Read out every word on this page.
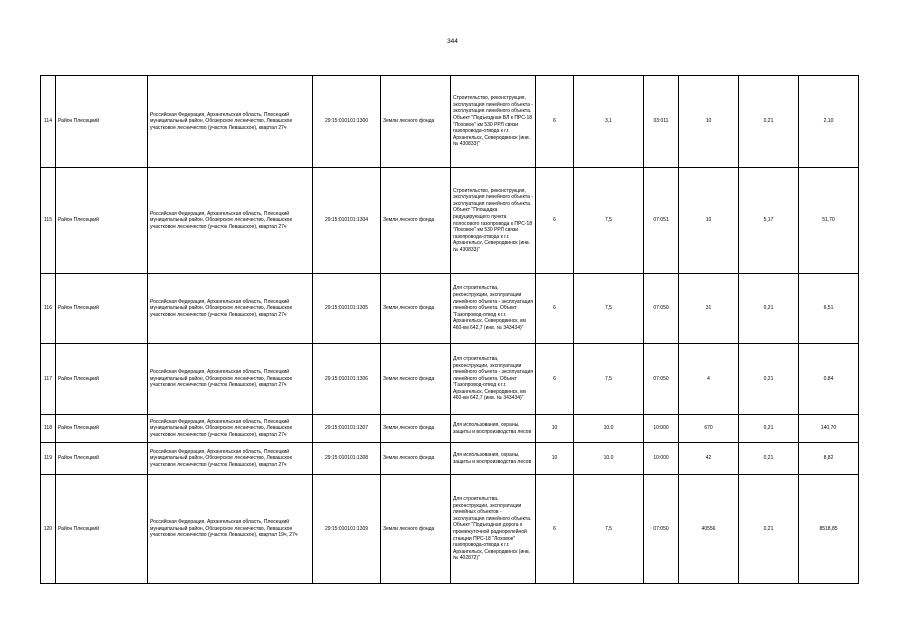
344
114	Район Плесецкий	Российская Федерация, Архангельская область, Плесецкий муниципальный район, Обозерское лесничество, Левашское участковое лесничество (участок Левашское), квартал 27ч	29:15:010101:1300	Земли лесного фонда	Строительство, реконструкция, эксплуатация линейного объекта - эксплуатация линейного объекта. Объект "Подъездная ВЛ к ПРС-18 "Лоховое" км 530 РРЛ связи газопровода-отвода к г.г. Архангельск, Северодвинск (инв. № 430833)"	6	3,1	03:011	10	0,21	2,10
115	Район Плесецкий	Российская Федерация, Архангельская область, Плесецкий муниципальный район, Обозерское лесничество, Левашское участковое лесничество (участок Левашское), квартал 27ч	29:15:010101:1304	Земли лесного фонда	Строительство, реконструкция, эксплуатация линейного объекта - эксплуатация линейного объекта. Объект "Площадка редуцирующего пункта полосового газопровода к ПРС-18 "Лоховое" км 530 РРЛ связи газопровода-отвода к г.г. Архангельск, Северодвинск (инв. № 430833)"	6	7,5	07:051	10	5,17	51,70
116	Район Плесецкий	Российская Федерация, Архангельская область, Плесецкий муниципальный район, Обозерское лесничество, Левашское участковое лесничество (участок Левашское), квартал 27ч	29:15:010101:1305	Земли лесного фонда	Для строительства, реконструкции, эксплуатации линейного объекта - эксплуатация линейного объекта. Объект "Газопровод-отвод к г.г. Архангельск, Северодвинск, км 460-км 642,7 (инв. № 343434)"	6	7,5	07:050	31	0,21	6,51
117	Район Плесецкий	Российская Федерация, Архангельская область, Плесецкий муниципальный район, Обозерское лесничество, Левашское участковое лесничество (участок Левашское), квартал 27ч	29:15:010101:1306	Земли лесного фонда	Для строительства, реконструкции, эксплуатации линейного объекта - эксплуатация линейного объекта. Объект "Газопровод-отвод к г.г. Архангельск, Северодвинск, км 460-км 642,7 (инв. № 343434)"	6	7,5	07:050	4	0,21	0,84
118	Район Плесецкий	Российская Федерация, Архангельская область, Плесецкий муниципальный район, Обозерское лесничество, Левашское участковое лесничество (участок Левашское), квартал 27ч	29:15:010101:1307	Земли лесного фонда	Для использования, охраны, защиты и воспроизводства лесов	10	10.0	10:000	670	0,21	140,70
119	Район Плесецкий	Российская Федерация, Архангельская область, Плесецкий муниципальный район, Обозерское лесничество, Левашское участковое лесничество (участок Левашское), квартал 27ч	29:15:010101:1308	Земли лесного фонда	Для использования, охраны, защиты и воспроизводства лесов	10	10.0	10:000	42	0,21	8,82
120	Район Плесецкий	Российская Федерация, Архангельская область, Плесецкий муниципальный район, Обозерское лесничество, Левашское участковое лесничество (участок Левашское), квартал 19ч, 27ч	29:15:010101:1309	Земли лесного фонда	Для строительства, реконструкции, эксплуатации линейных объектов - эксплуатация линейного объекта. Объект "Подъездная дорога к промежуточной радиорелейной станции ПРС-18 "Лоховое" газопровода-отвода к г.г. Архангельск, Северодвинск (инв. № 402872)"	6	7,5	07:050	40556	0,21	8518,85
